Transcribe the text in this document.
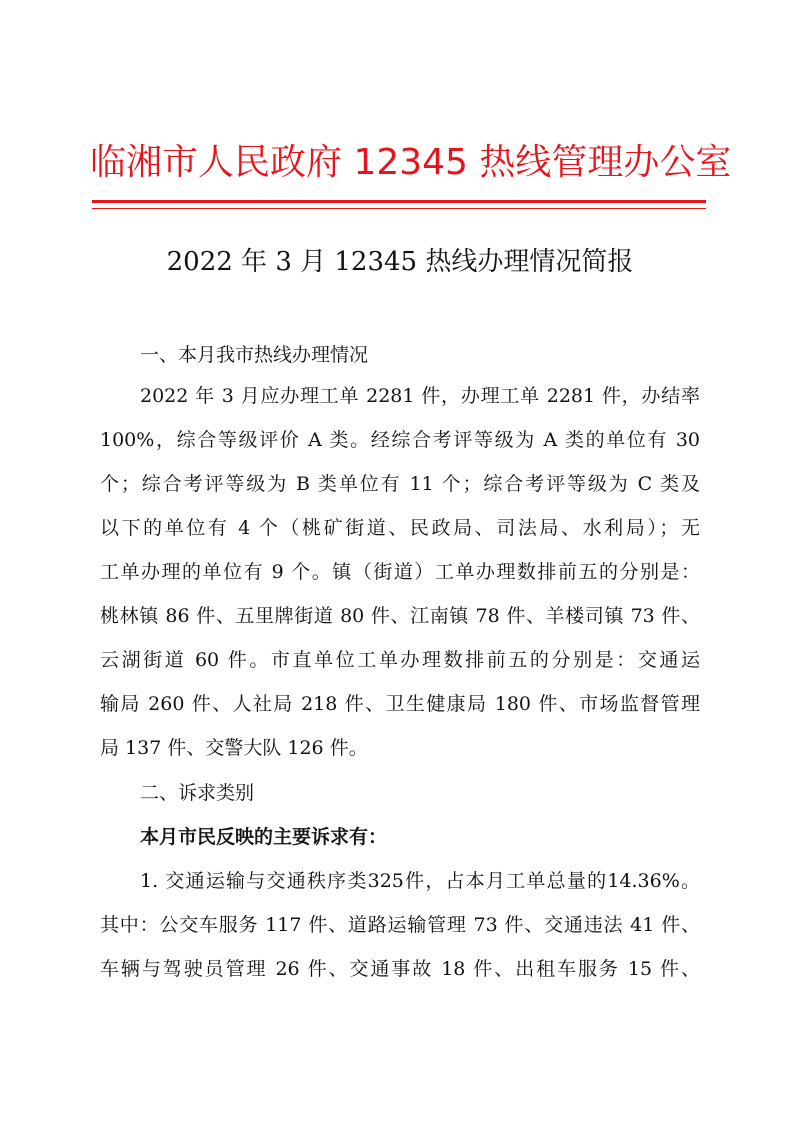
临湘市人民政府 12345 热线管理办公室
2022 年 3 月 12345 热线办理情况简报
一、本月我市热线办理情况
2022 年 3 月应办理工单 2281 件，办理工单 2281 件，办结率
100%，综合等级评价 A 类。经综合考评等级为 A 类的单位有 30
个；综合考评等级为 B 类单位有 11 个；综合考评等级为 C 类及
以下的单位有 4 个（桃矿街道、民政局、司法局、水利局）；无
工单办理的单位有 9 个。镇（街道）工单办理数排前五的分别是：
桃林镇 86 件、五里牌街道 80 件、江南镇 78 件、羊楼司镇 73 件、
云湖街道 60 件。市直单位工单办理数排前五的分别是：交通运
输局 260 件、人社局 218 件、卫生健康局 180 件、市场监督管理
局 137 件、交警大队 126 件。
二、诉求类别
本月市民反映的主要诉求有：
1. 交通运输与交通秩序类325件，占本月工单总量的14.36%。
其中：公交车服务 117 件、道路运输管理 73 件、交通违法 41 件、
车辆与驾驶员管理 26 件、交通事故 18 件、出租车服务 15 件、
